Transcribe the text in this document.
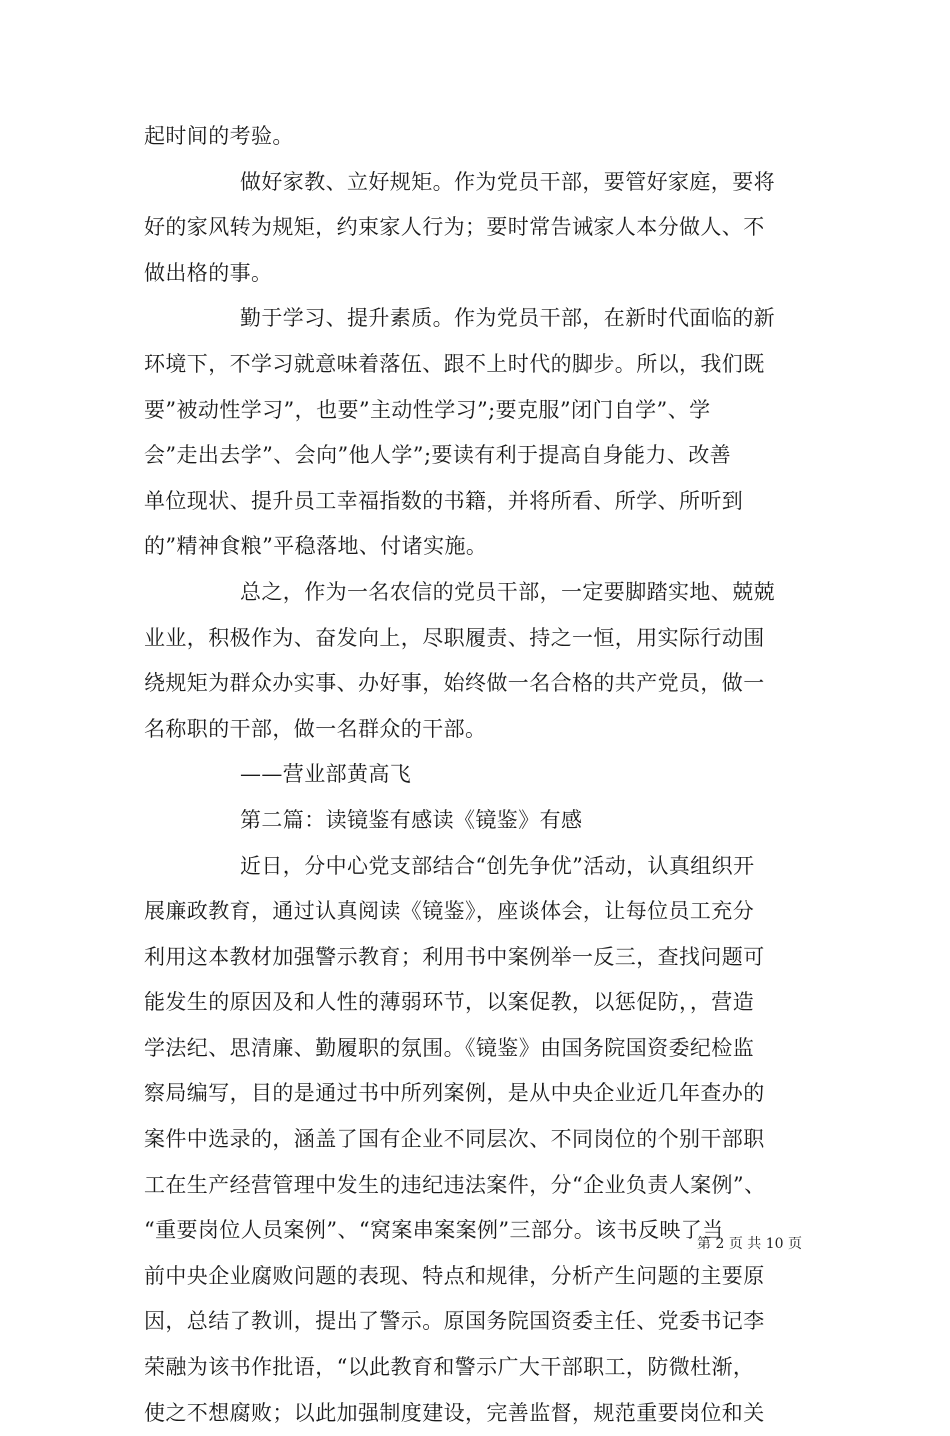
起时间的考验。
做好家教、立好规矩。作为党员干部，要管好家庭，要将
好的家风转为规矩，约束家人行为；要时常告诫家人本分做人、不
做出格的事。
勤于学习、提升素质。作为党员干部，在新时代面临的新
环境下，不学习就意味着落伍、跟不上时代的脚步。所以，我们既
要”被动性学习”，也要”主动性学习”;要克服”闭门自学”、学
会”走出去学”、会向”他人学”;要读有利于提高自身能力、改善
单位现状、提升员工幸福指数的书籍，并将所看、所学、所听到
的”精神食粮”平稳落地、付诸实施。
总之，作为一名农信的党员干部，一定要脚踏实地、兢兢
业业，积极作为、奋发向上，尽职履责、持之一恒，用实际行动围
绕规矩为群众办实事、办好事，始终做一名合格的共产党员，做一
名称职的干部，做一名群众的干部。
——营业部黄高飞
第二篇：读镜鉴有感读《镜鉴》有感
近日，分中心党支部结合“创先争优”活动，认真组织开
展廉政教育，通过认真阅读《镜鉴》，座谈体会，让每位员工充分
利用这本教材加强警示教育；利用书中案例举一反三，查找问题可
能发生的原因及和人性的薄弱环节，以案促教，以惩促防，，营造
学法纪、思清廉、勤履职的氛围。《镜鉴》由国务院国资委纪检监
察局编写，目的是通过书中所列案例，是从中央企业近几年查办的
案件中选录的，涵盖了国有企业不同层次、不同岗位的个别干部职
工在生产经营管理中发生的违纪违法案件，分“企业负责人案例”、
“重要岗位人员案例”、“窝案串案案例”三部分。该书反映了当
前中央企业腐败问题的表现、特点和规律，分析产生问题的主要原
因，总结了教训，提出了警示。原国务院国资委主任、党委书记李
荣融为该书作批语，“以此教育和警示广大干部职工，防微杜渐，
使之不想腐败；以此加强制度建设，完善监督，规范重要岗位和关
第 2 页 共 10 页
